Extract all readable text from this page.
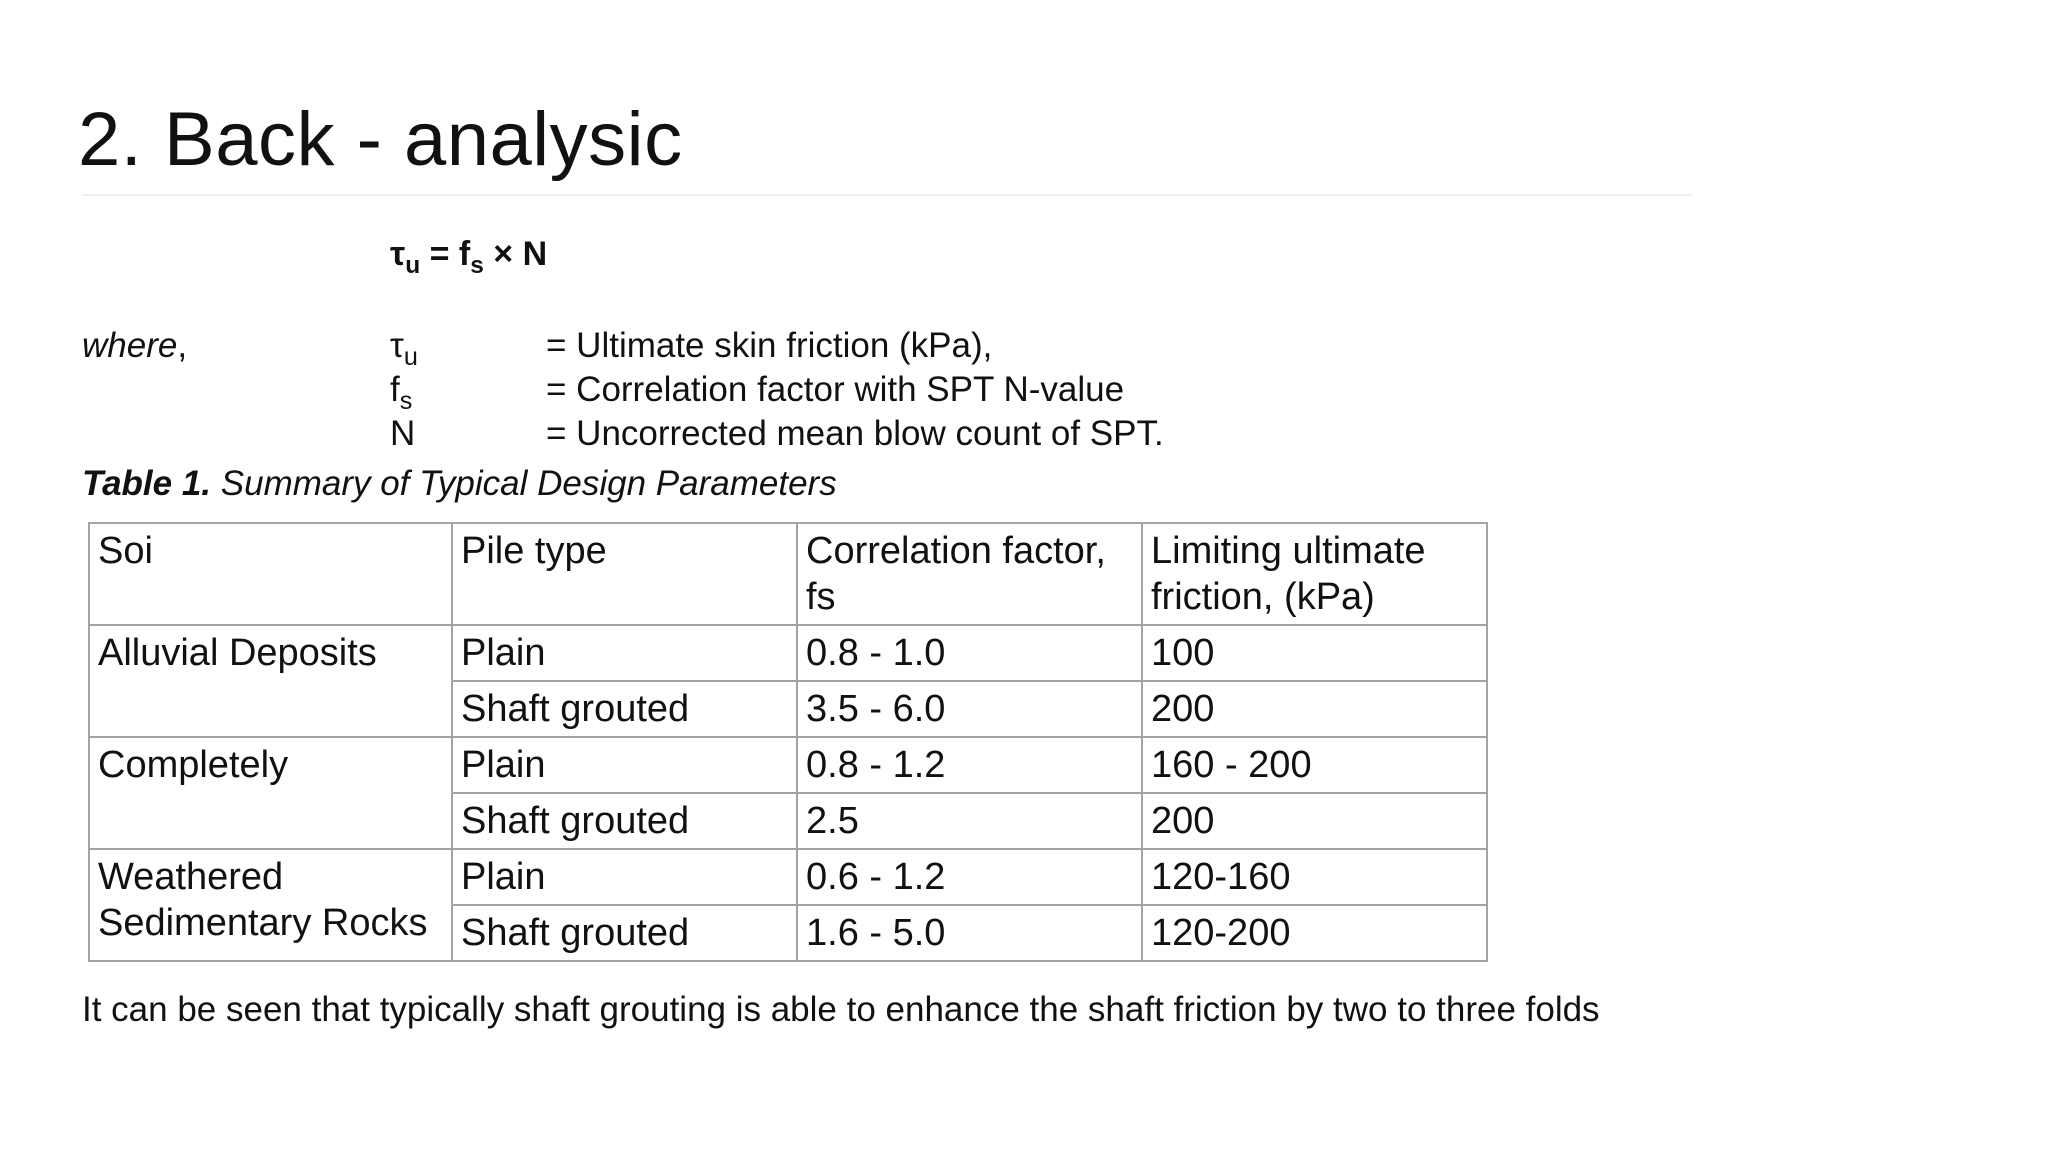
2. Back - analysic
$\tau_u = f_s \times N$
where,	$\tau_u$	= Ultimate skin friction (kPa),
$f_s$	= Correlation factor with SPT N-value
N	= Uncorrected mean blow count of SPT.
Table 1. Summary of Typical Design Parameters
Soi	Pile type	Correlation factor, fs	Limiting ultimate friction, (kPa)
Alluvial Deposits	Plain	0.8 - 1.0	100
	Shaft grouted	3.5 - 6.0	200
Completely	Plain	0.8 - 1.2	160 - 200
	Shaft grouted	2.5	200
Weathered Sedimentary Rocks	Plain	0.6 - 1.2	120-160
	Shaft grouted	1.6 - 5.0	120-200
It can be seen that typically shaft grouting is able to enhance the shaft friction by two to three folds
